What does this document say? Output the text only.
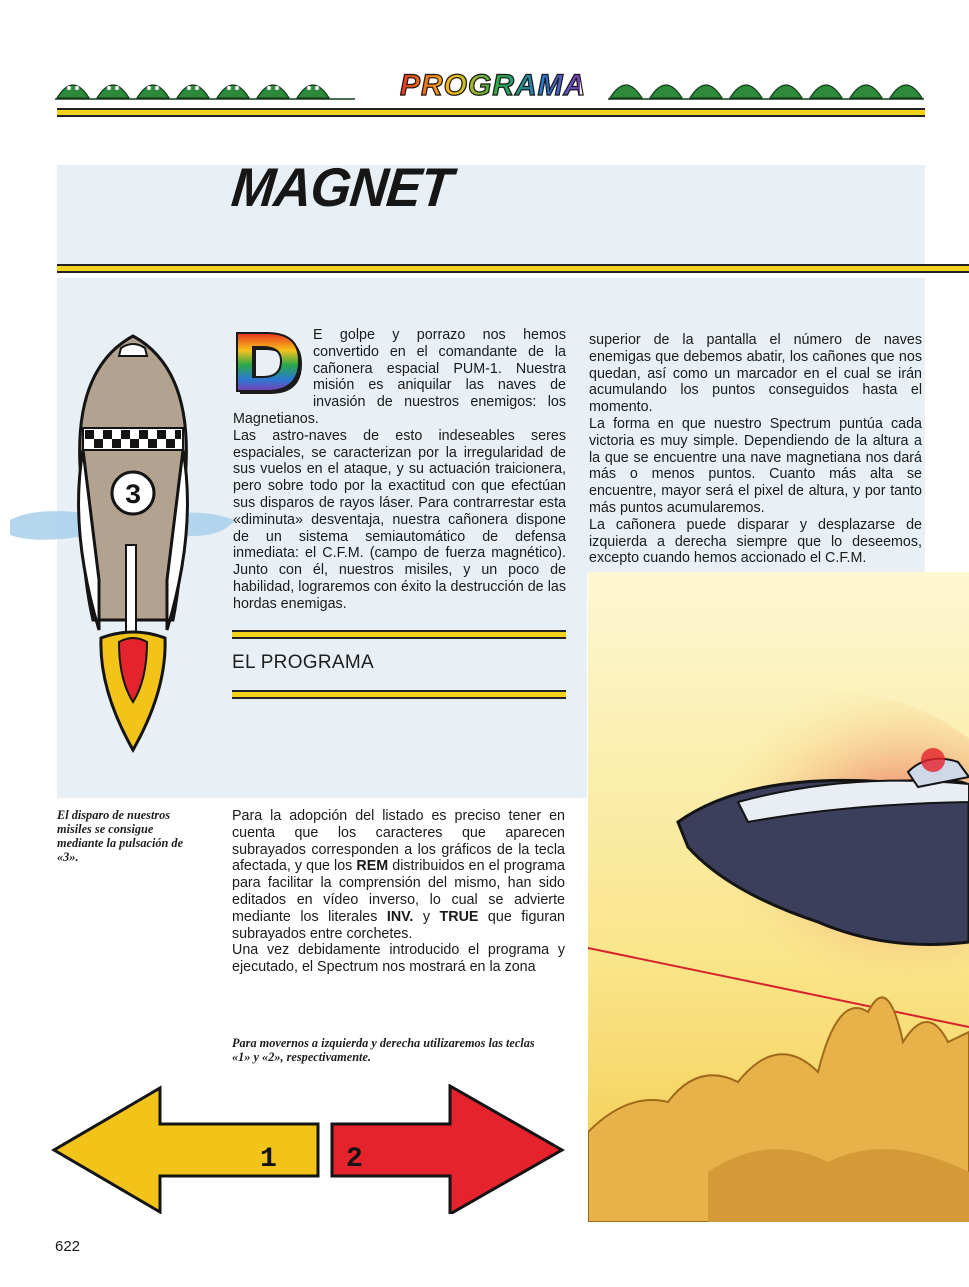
PROGRAMA
MAGNET
3
D	E golpe y porrazo nos hemos convertido en el comandante de la cañonera espacial PUM-1. Nuestra misión es aniquilar las naves de invasión de nuestros enemigos: los Magnetianos.

Las astro-naves de esto indeseables seres espaciales, se caracterizan por la irregularidad de sus vuelos en el ataque, y su actuación traicionera, pero sobre todo por la exactitud con que efectúan sus disparos de rayos láser. Para contrarrestar esta «diminuta» desventaja, nuestra cañonera dispone de un sistema semiautomático de defensa inmediata: el C.F.M. (campo de fuerza magnético). Junto con él, nuestros misiles, y un poco de habilidad, lograremos con éxito la destrucción de las hordas enemigas.

superior de la pantalla el número de naves enemigas que debemos abatir, los cañones que nos quedan, así como un marcador en el cual se irán acumulando los puntos conseguidos hasta el momento.

La forma en que nuestro Spectrum puntúa cada victoria es muy simple. Dependiendo de la altura a la que se encuentre una nave magnetiana nos dará más o menos puntos. Cuanto más alta se encuentre, mayor será el pixel de altura, y por tanto más puntos acumularemos.

La cañonera puede disparar y desplazarse de izquierda a derecha siempre que lo deseemos, excepto cuando hemos accionado el C.F.M.

EL PROGRAMA
El disparo de nuestros misiles se consigue mediante la pulsación de «3».

Para la adopción del listado es preciso tener en cuenta que los caracteres que aparecen subrayados corresponden a los gráficos de la tecla afectada, y que los REM distribuidos en el programa para facilitar la comprensión del mismo, han sido editados en vídeo inverso, lo cual se advierte mediante los literales INV. y TRUE que figuran subrayados entre corchetes.

Una vez debidamente introducido el programa y ejecutado, el Spectrum nos mostrará en la zona

Para movernos a izquierda y derecha utilizaremos las teclas «1» y «2», respectivamente.
1 2
622
